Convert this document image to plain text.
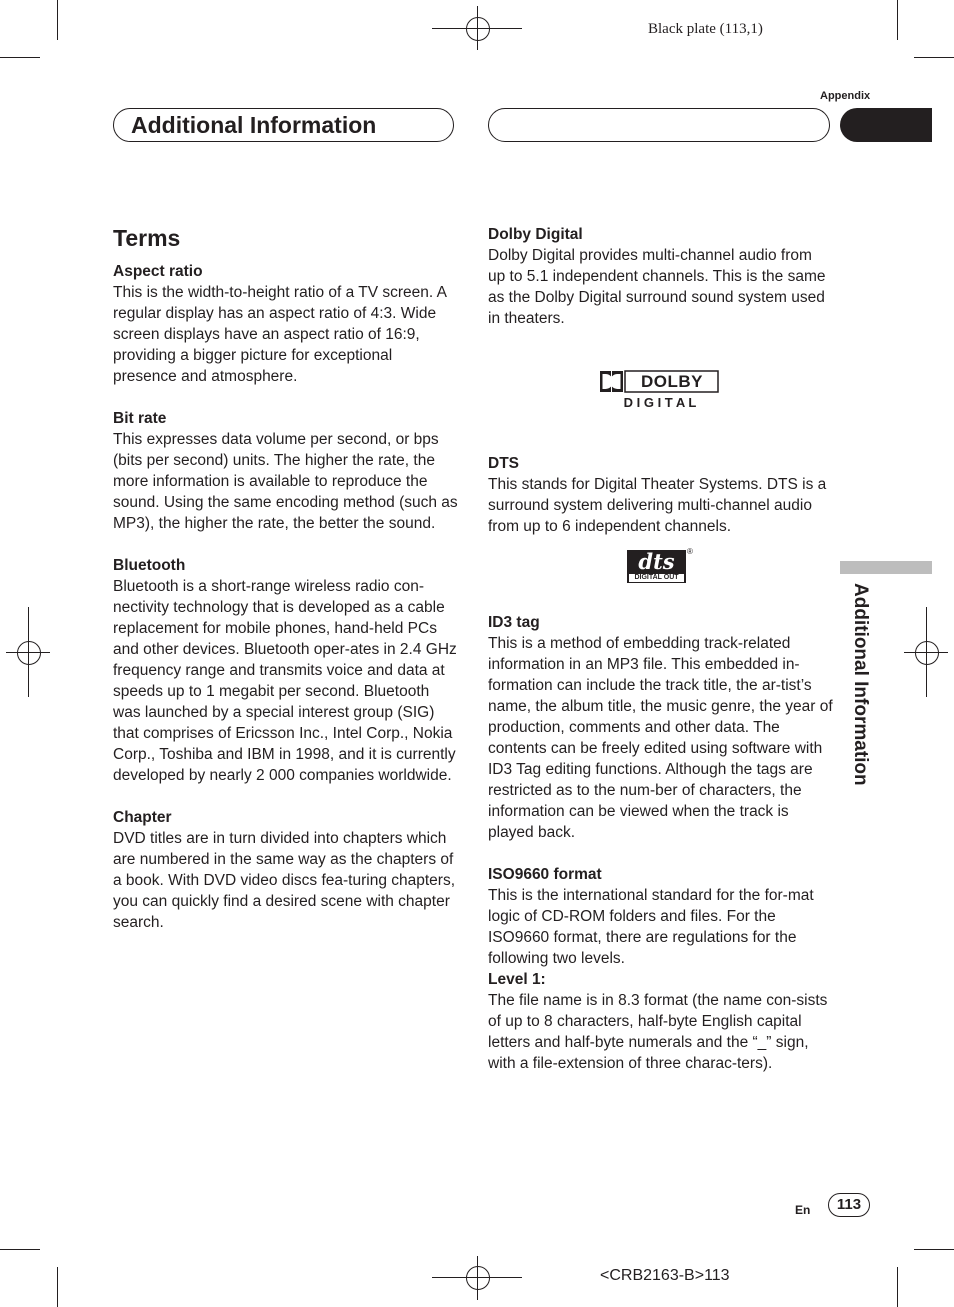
Black plate (113,1)
Appendix
Additional Information
Additional Information
Terms
Aspect ratio

This is the width-to-height ratio of a TV screen. A regular display has an aspect ratio of 4:3. Wide screen displays have an aspect ratio of 16:9, providing a bigger picture for exceptional presence and atmosphere.

Bit rate

This expresses data volume per second, or bps (bits per second) units. The higher the rate, the more information is available to reproduce the sound. Using the same encoding method (such as MP3), the higher the rate, the better the sound.

Bluetooth

Bluetooth is a short-range wireless radio con-nectivity technology that is developed as a cable replacement for mobile phones, hand-held PCs and other devices. Bluetooth oper-ates in 2.4 GHz frequency range and transmits voice and data at speeds up to 1 megabit per second. Bluetooth was launched by a special interest group (SIG) that comprises of Ericsson Inc., Intel Corp., Nokia Corp., Toshiba and IBM in 1998, and it is currently developed by nearly 2 000 companies worldwide.

Chapter

DVD titles are in turn divided into chapters which are numbered in the same way as the chapters of a book. With DVD video discs fea-turing chapters, you can quickly find a desired scene with chapter search.

Dolby Digital

Dolby Digital provides multi-channel audio from up to 5.1 independent channels. This is the same as the Dolby Digital surround sound system used in theaters.

DOLBY
D I G I T A L
DTS

This stands for Digital Theater Systems. DTS is a surround system delivering multi-channel audio from up to 6 independent channels.

dts
DIGITAL OUT
®
ID3 tag

This is a method of embedding track-related information in an MP3 file. This embedded in-formation can include the track title, the ar-tist’s name, the album title, the music genre, the year of production, comments and other data. The contents can be freely edited using software with ID3 Tag editing functions. Although the tags are restricted as to the num-ber of characters, the information can be viewed when the track is played back.

ISO9660 format

This is the international standard for the for-mat logic of CD-ROM folders and files. For the ISO9660 format, there are regulations for the following two levels.

Level 1:

The file name is in 8.3 format (the name con-sists of up to 8 characters, half-byte English capital letters and half-byte numerals and the “_” sign, with a file-extension of three charac-ters).

En	113
<CRB2163-B>113
